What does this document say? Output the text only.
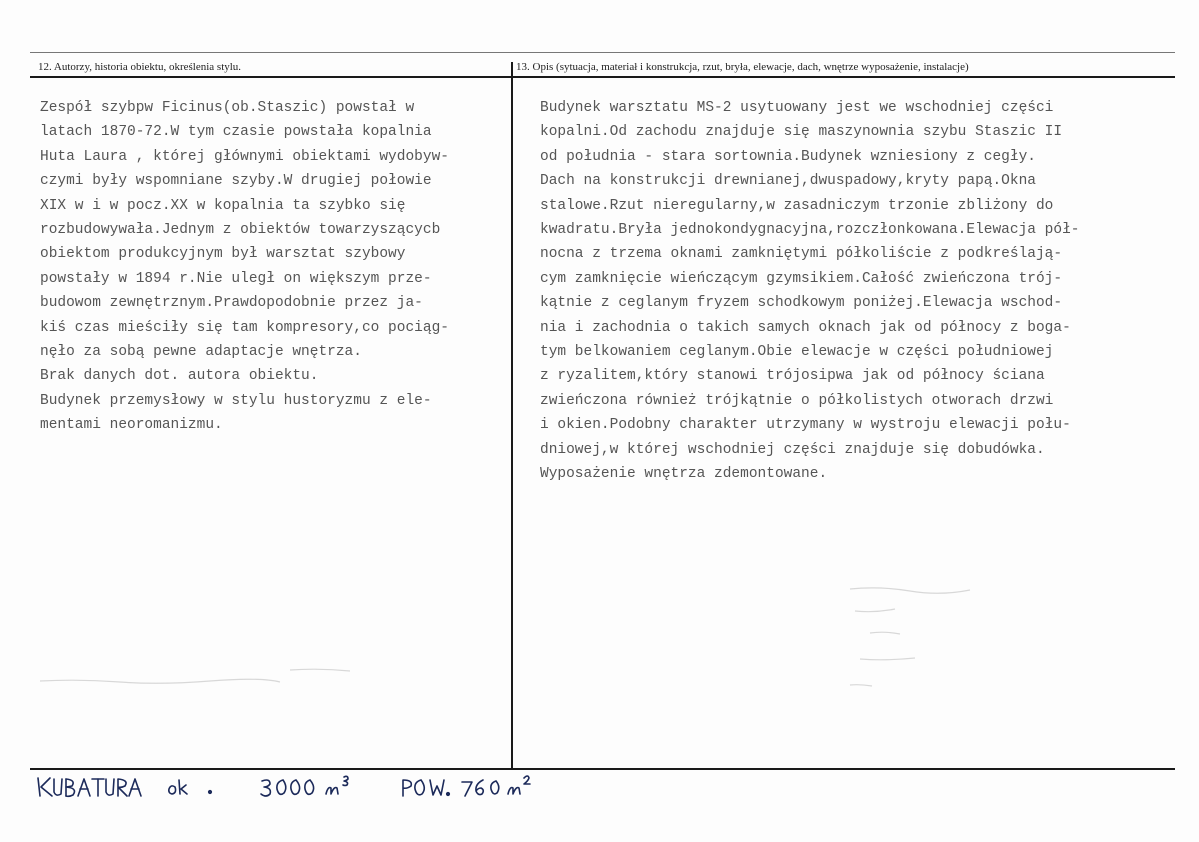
12. Autorzy, historia obiektu, określenia stylu.	13. Opis (sytuacja, materiał i konstrukcja, rzut, bryła, elewacje, dach, wnętrze wyposażenie, instalacje)
Zespół szybpw Ficinus(ob.Staszic) powstał w
latach 1870-72.W tym czasie powstała kopalnia
Huta Laura , której głównymi obiektami wydobyw-
czymi były wspomniane szyby.W drugiej połowie
XIX w i w pocz.XX w kopalnia ta szybko się
rozbudowywała.Jednym z obiektów towarzyszącycb
obiektom produkcyjnym był warsztat szybowy
powstały w 1894 r.Nie uległ on większym prze-
budowom zewnętrznym.Prawdopodobnie przez ja-
kiś czas mieściły się tam kompresory,co pociąg-
nęło za sobą pewne adaptacje wnętrza.
Brak danych dot. autora obiektu.
Budynek przemysłowy w stylu hustoryzmu z ele-
mentami neoromanizmu.
Budynek warsztatu MS-2 usytuowany jest we wschodniej części
kopalni.Od zachodu znajduje się maszynownia szybu Staszic II
od południa - stara sortownia.Budynek wzniesiony z cegły.
Dach na konstrukcji drewnianej,dwuspadowy,kryty papą.Okna
stalowe.Rzut nieregularny,w zasadniczym trzonie zbliżony do
kwadratu.Bryła jednokondygnacyjna,rozczłonkowana.Elewacja pół-
nocna z trzema oknami zamkniętymi półkoliście z podkreślają-
cym zamknięcie wieńczącym gzymsikiem.Całość zwieńczona trój-
kątnie z ceglanym fryzem schodkowym poniżej.Elewacja wschod-
nia i zachodnia o takich samych oknach jak od północy z boga-
tym belkowaniem ceglanym.Obie elewacje w części południowej
z ryzalitem,który stanowi trójosipwa jak od północy ściana
zwieńczona również trójkątnie o półkolistych otworach drzwi
i okien.Podobny charakter utrzymany w wystroju elewacji połu-
dniowej,w której wschodniej części znajduje się dobudówka.
Wyposażenie wnętrza zdemontowane.
